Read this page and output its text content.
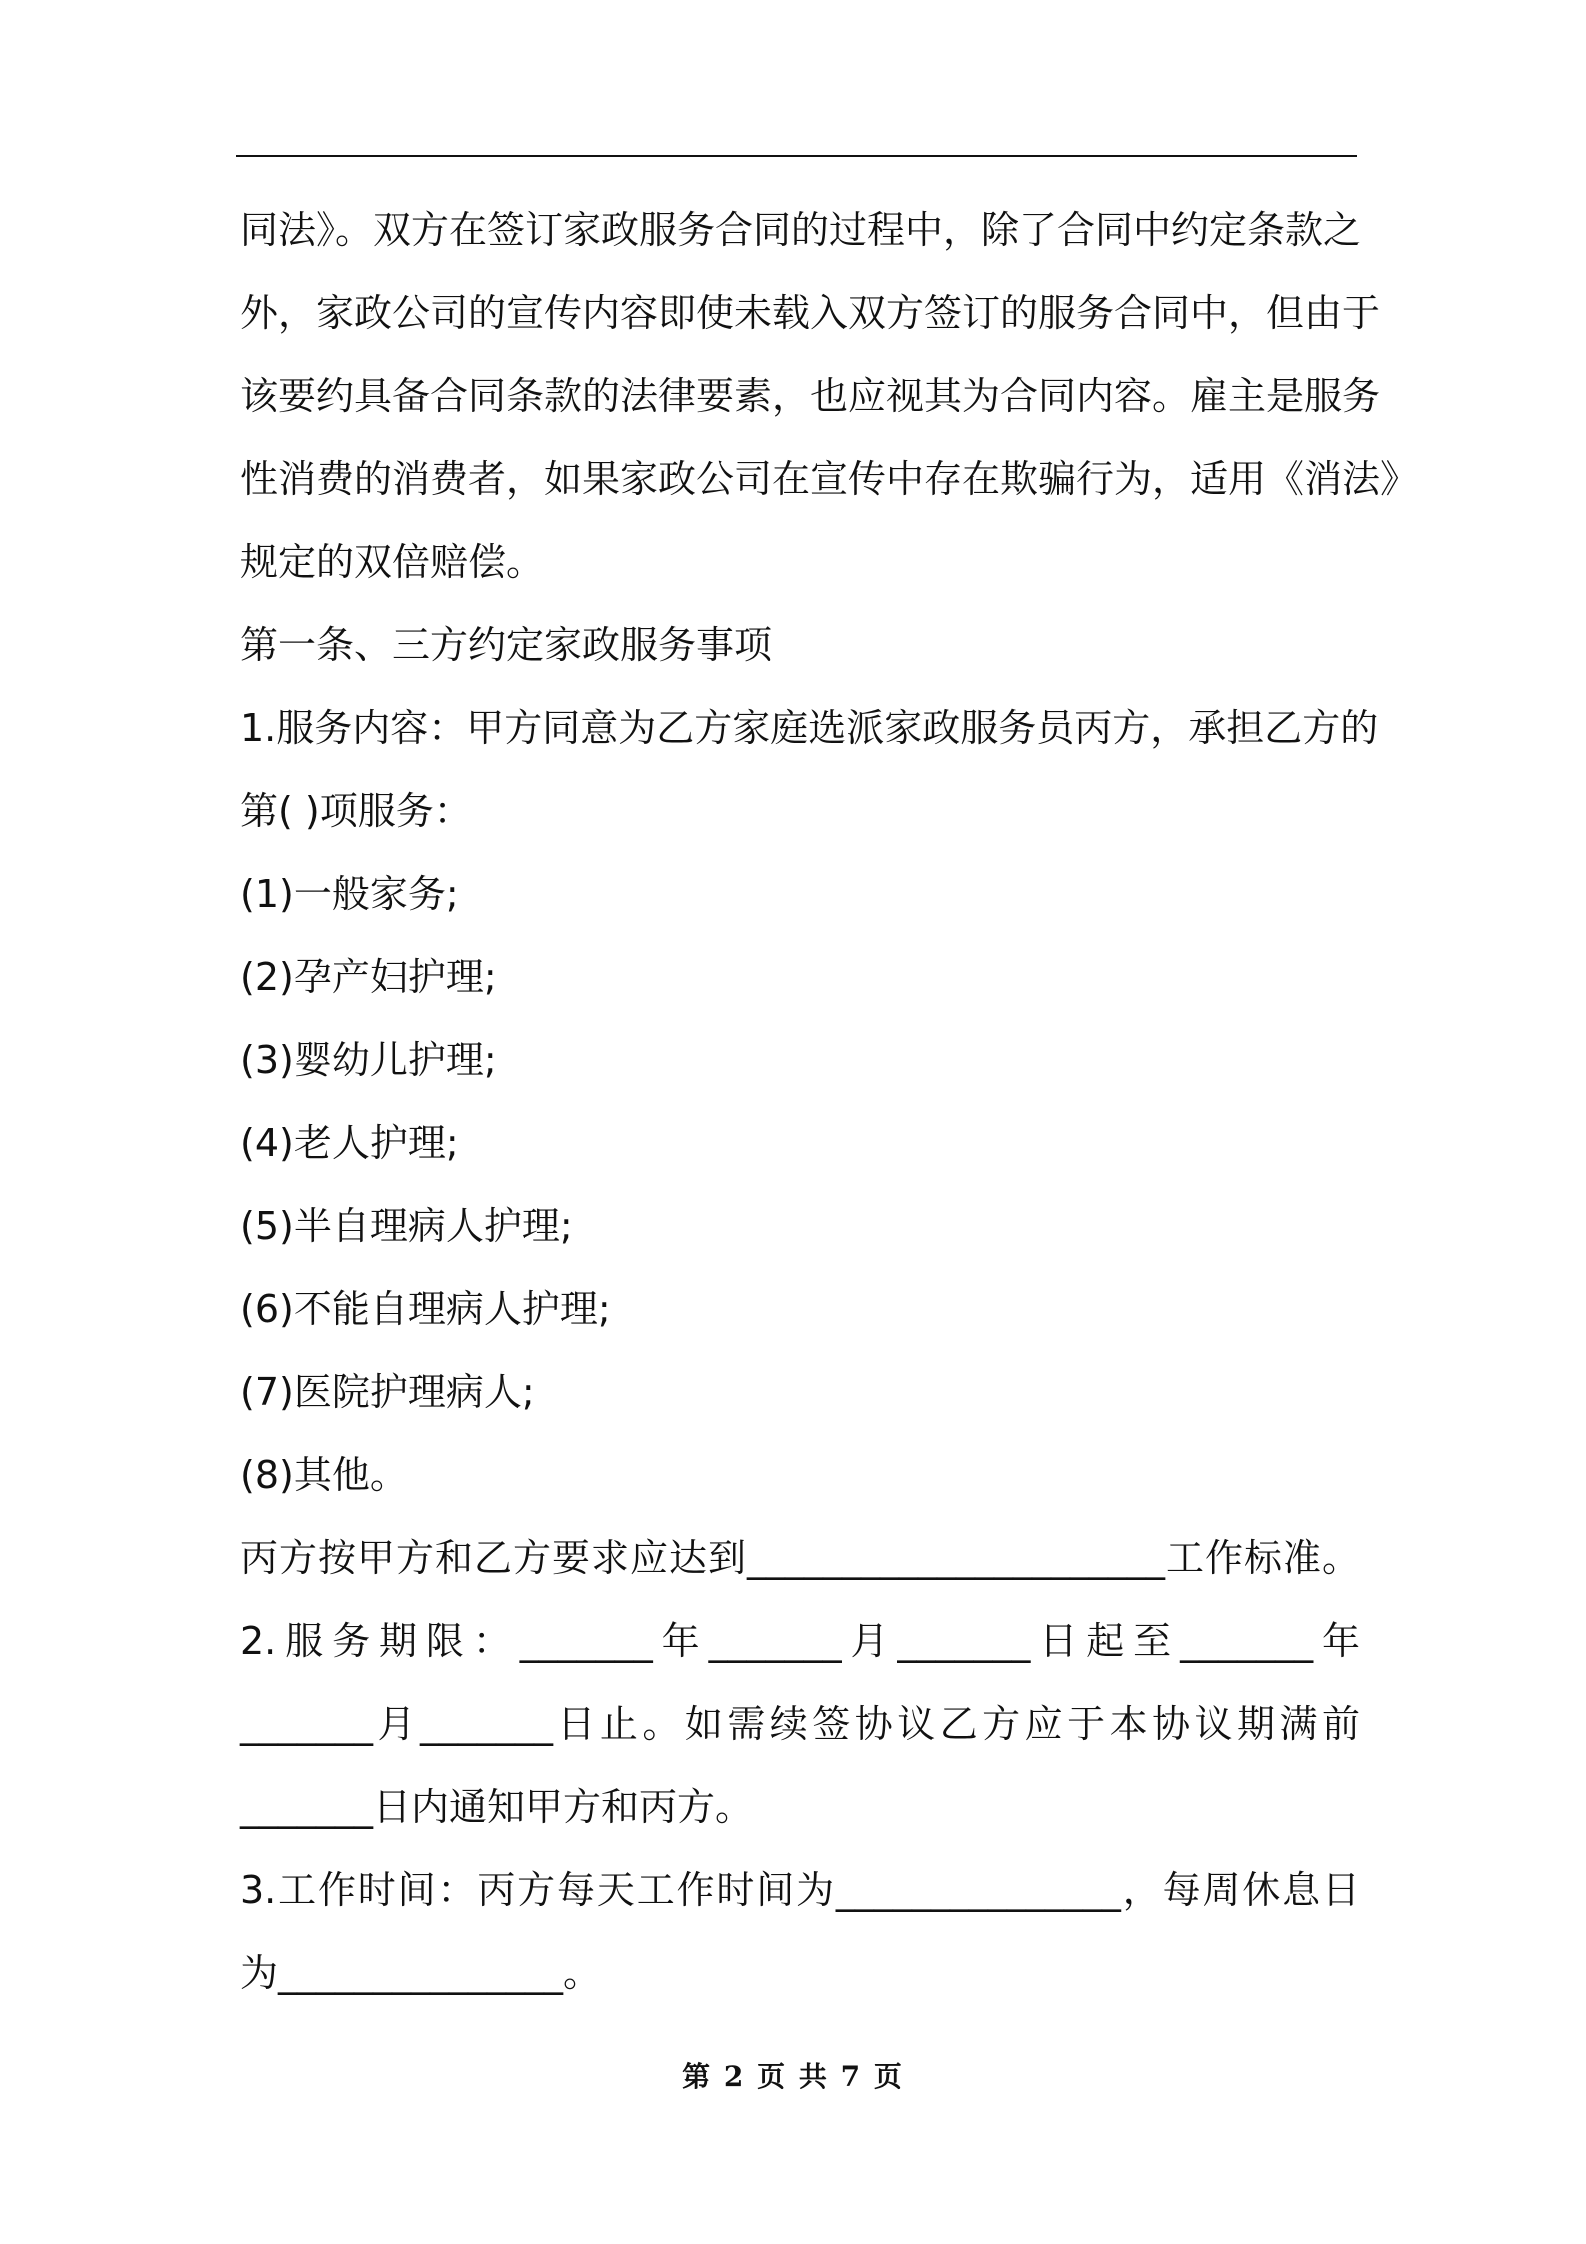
同法》。双方在签订家政服务合同的过程中，除了合同中约定条款之
外，家政公司的宣传内容即使未载入双方签订的服务合同中，但由于
该要约具备合同条款的法律要素，也应视其为合同内容。雇主是服务
性消费的消费者，如果家政公司在宣传中存在欺骗行为，适用《消法》
规定的双倍赔偿。
第一条、三方约定家政服务事项
1.服务内容：甲方同意为乙方家庭选派家政服务员丙方，承担乙方的
第( )项服务：
(1)一般家务;
(2)孕产妇护理;
(3)婴幼儿护理;
(4)老人护理;
(5)半自理病人护理;
(6)不能自理病人护理;
(7)医院护理病人;
(8)其他。
丙方按甲方和乙方要求应达到______________________工作标准。
2.服务期限：_______年_______月_______日起至_______年
_______月_______日止。如需续签协议乙方应于本协议期满前
_______日内通知甲方和丙方。
3.工作时间：丙方每天工作时间为_______________，每周休息日
为_______________。
第 2 页 共 7 页
